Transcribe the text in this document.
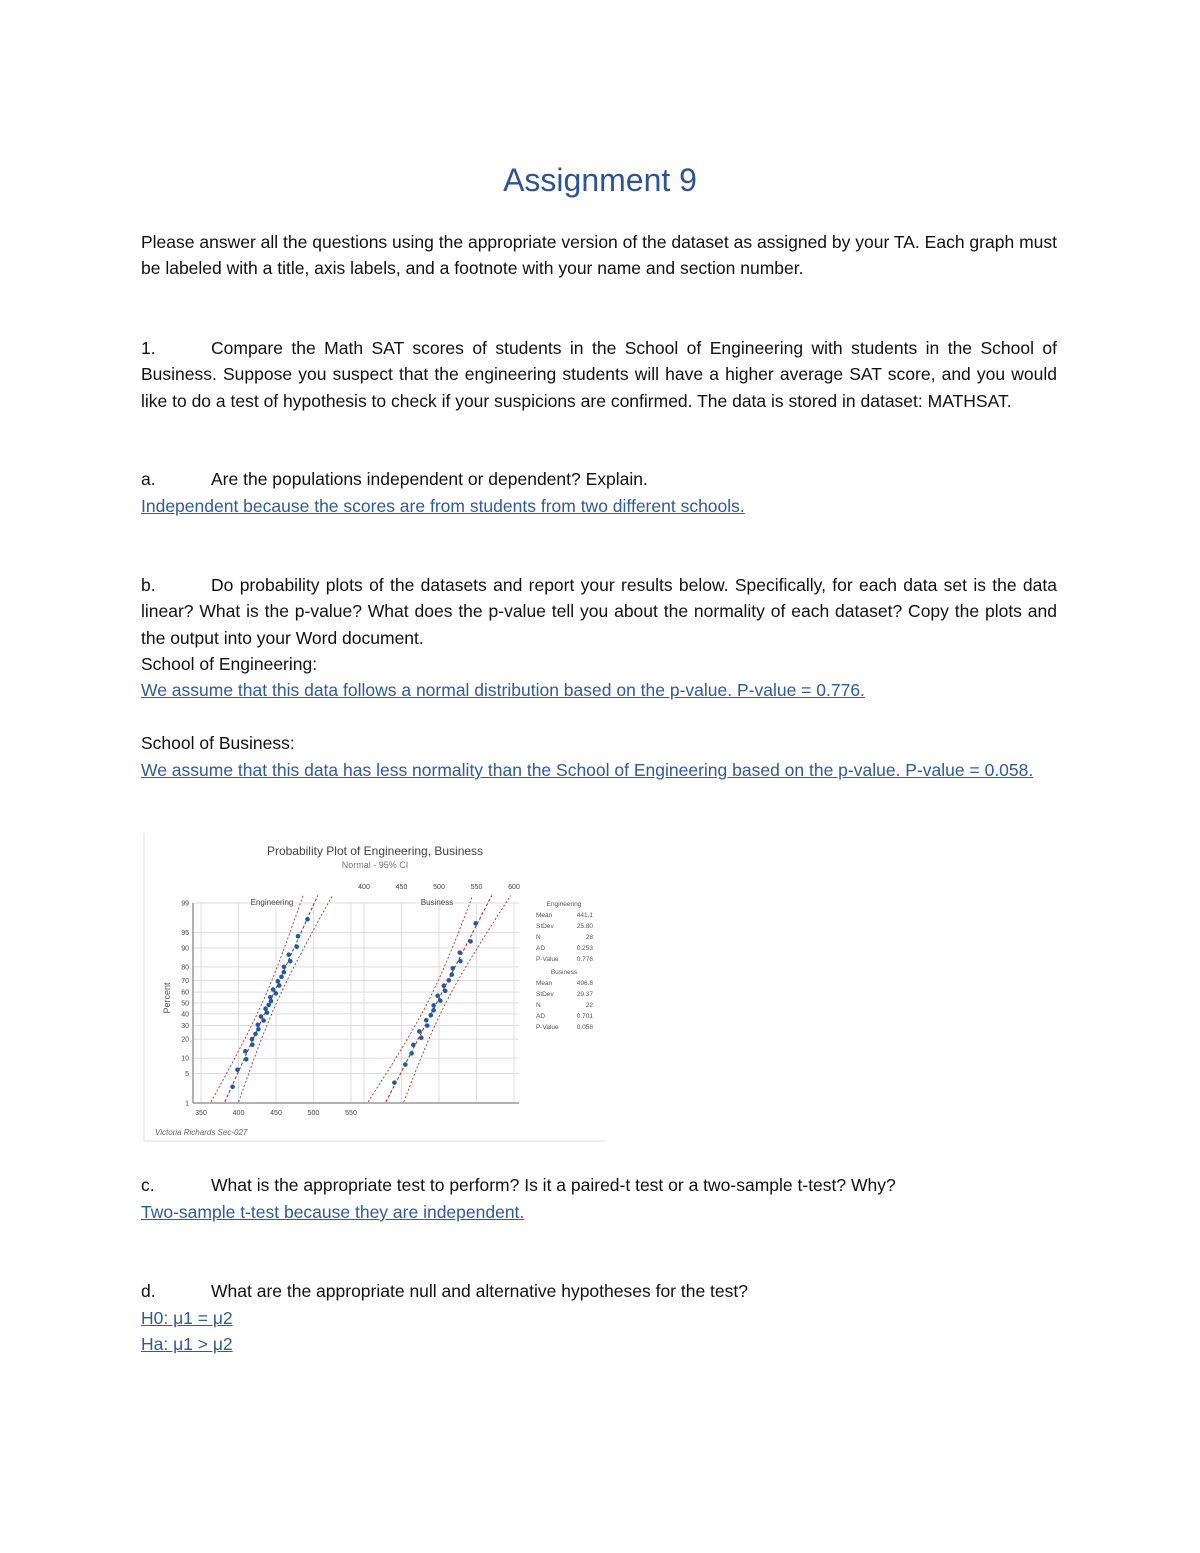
Assignment 9
Please answer all the questions using the appropriate version of the dataset as assigned by your TA. Each graph must be labeled with a title, axis labels, and a footnote with your name and section number.
1.	Compare the Math SAT scores of students in the School of Engineering with students in the School of Business. Suppose you suspect that the engineering students will have a higher average SAT score, and you would like to do a test of hypothesis to check if your suspicions are confirmed. The data is stored in dataset: MATHSAT.
a.	Are the populations independent or dependent? Explain.
Independent because the scores are from students from two different schools.
b.	Do probability plots of the datasets and report your results below. Specifically, for each data set is the data linear? What is the p-value? What does the p-value tell you about the normality of each dataset? Copy the plots and the output into your Word document.
School of Engineering:
We assume that this data follows a normal distribution based on the p-value. P-value = 0.776.
School of Business:
We assume that this data has less normality than the School of Engineering based on the p-value. P-value = 0.058.
1
5
10
20
30
40
50
60
70
80
90
95
99
350	400	450	500	550
400	450	500	550	600
Probability Plot of Engineering, Business
Normal - 95% CI
Percent
Engineering	Business	Engineering
Mean	441.1
StDev	25.80
N	28
AD	0.253
P-Value	0.776
Business
Mean	496.8
StDev	29.37
N	22
AD	0.701
P-Value	0.058
Victoria Richards Sec-027
c.	What is the appropriate test to perform? Is it a paired-t test or a two-sample t-test? Why?
Two-sample t-test because they are independent.
d.	What are the appropriate null and alternative hypotheses for the test?
H0: μ1 = μ2
Ha: μ1 > μ2
